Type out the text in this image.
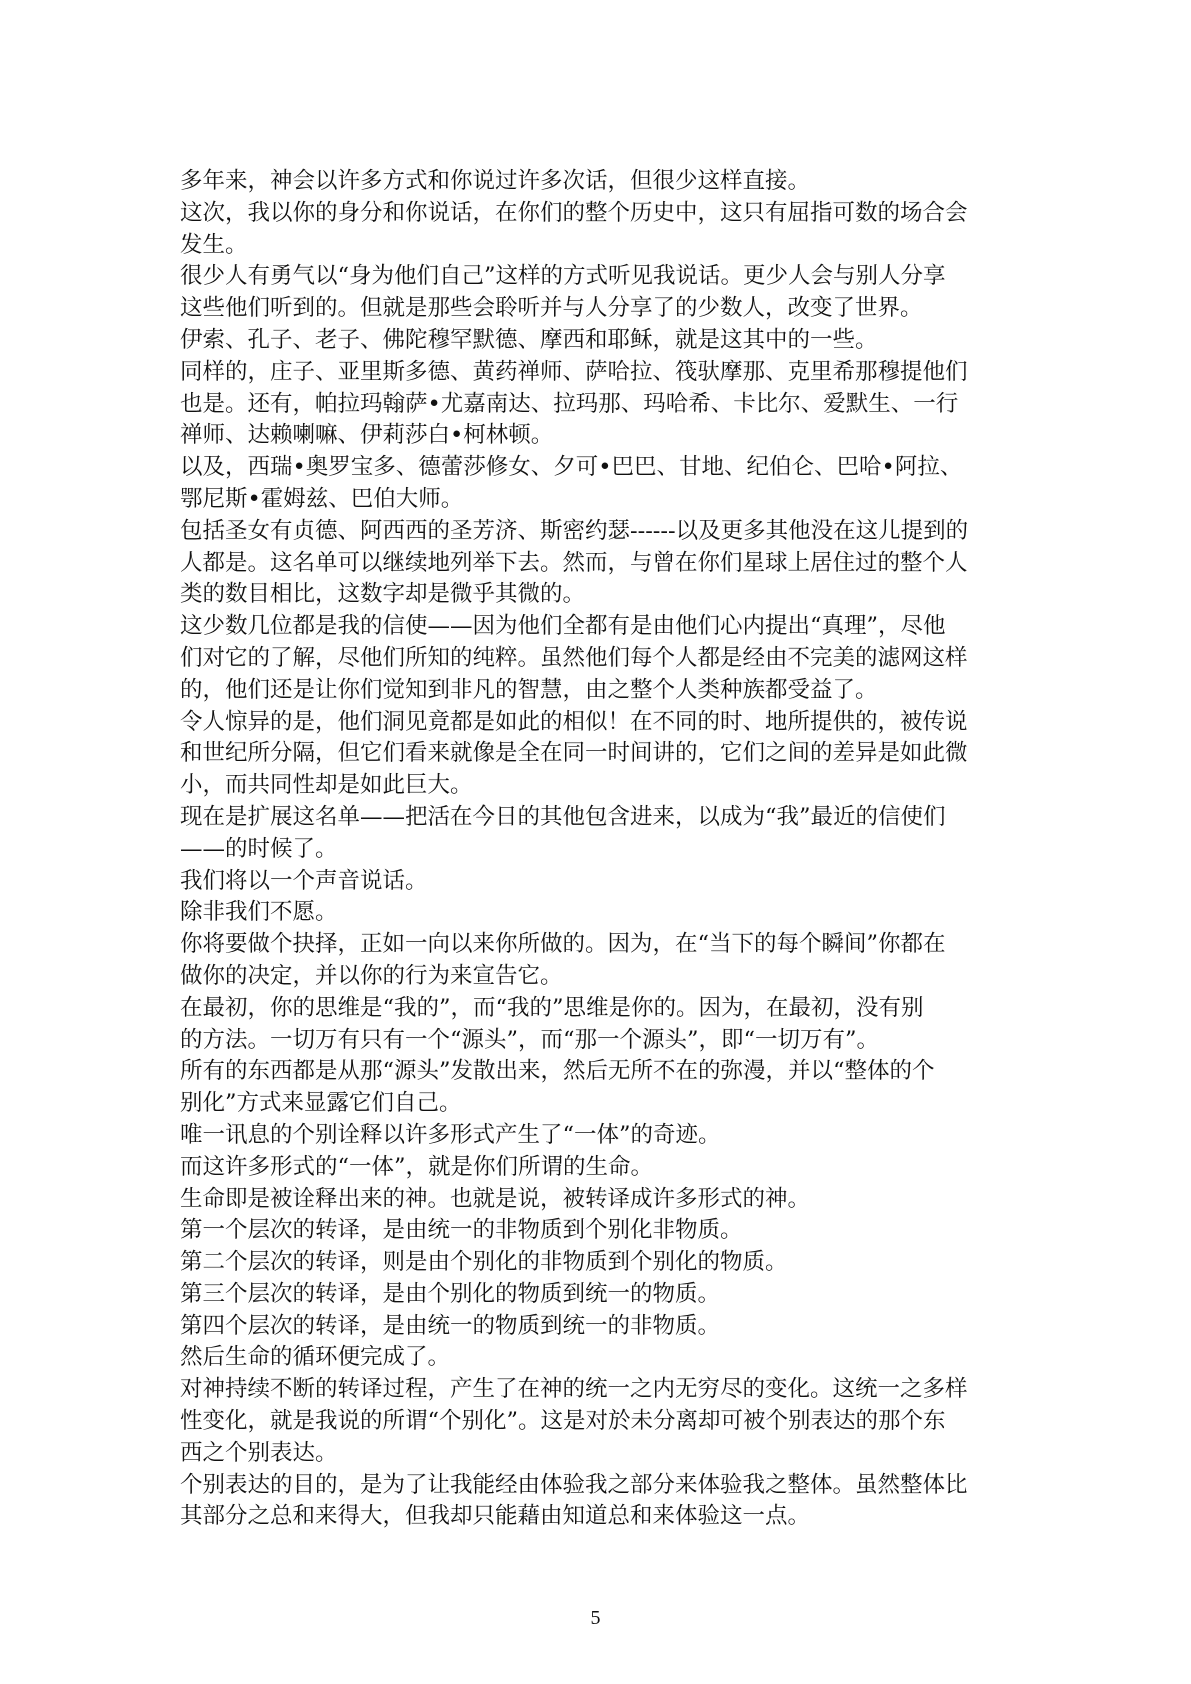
多年来，神会以许多方式和你说过许多次话，但很少这样直接。

这次，我以你的身分和你说话，在你们的整个历史中，这只有屈指可数的场合会
发生。

很少人有勇气以“身为他们自己”这样的方式听见我说话。更少人会与别人分享
这些他们听到的。但就是那些会聆听并与人分享了的少数人，改变了世界。

伊索、孔子、老子、佛陀穆罕默德、摩西和耶稣，就是这其中的一些。

同样的，庄子、亚里斯多德、黄药禅师、萨哈拉、筏驮摩那、克里希那穆提他们
也是。还有，帕拉玛翰萨•尤嘉南达、拉玛那、玛哈希、卡比尔、爱默生、一行
禅师、达赖喇嘛、伊莉莎白•柯林顿。

以及，西瑞•奥罗宝多、德蕾莎修女、夕可•巴巴、甘地、纪伯仑、巴哈•阿拉、
鄂尼斯•霍姆兹、巴伯大师。

包括圣女有贞德、阿西西的圣芳济、斯密约瑟------以及更多其他没在这儿提到的
人都是。这名单可以继续地列举下去。然而，与曾在你们星球上居住过的整个人
类的数目相比，这数字却是微乎其微的。

这少数几位都是我的信使——因为他们全都有是由他们心内提出“真理”，尽他
们对它的了解，尽他们所知的纯粹。虽然他们每个人都是经由不完美的滤网这样
的，他们还是让你们觉知到非凡的智慧，由之整个人类种族都受益了。

令人惊异的是，他们洞见竟都是如此的相似！在不同的时、地所提供的，被传说
和世纪所分隔，但它们看来就像是全在同一时间讲的，它们之间的差异是如此微
小，而共同性却是如此巨大。

现在是扩展这名单——把活在今日的其他包含进来，以成为“我”最近的信使们
——的时候了。

我们将以一个声音说话。

除非我们不愿。

你将要做个抉择，正如一向以来你所做的。因为，在“当下的每个瞬间”你都在
做你的决定，并以你的行为来宣告它。

在最初，你的思维是“我的”，而“我的”思维是你的。因为，在最初，没有别
的方法。一切万有只有一个“源头”，而“那一个源头”，即“一切万有”。

所有的东西都是从那“源头”发散出来，然后无所不在的弥漫，并以“整体的个
别化”方式来显露它们自己。

唯一讯息的个别诠释以许多形式产生了“一体”的奇迹。

而这许多形式的“一体”，就是你们所谓的生命。

生命即是被诠释出来的神。也就是说，被转译成许多形式的神。

第一个层次的转译，是由统一的非物质到个别化非物质。

第二个层次的转译，则是由个别化的非物质到个别化的物质。

第三个层次的转译，是由个别化的物质到统一的物质。

第四个层次的转译，是由统一的物质到统一的非物质。

然后生命的循环便完成了。

对神持续不断的转译过程，产生了在神的统一之内无穷尽的变化。这统一之多样
性变化，就是我说的所谓“个别化”。这是对於未分离却可被个别表达的那个东
西之个别表达。

个别表达的目的，是为了让我能经由体验我之部分来体验我之整体。虽然整体比
其部分之总和来得大，但我却只能藉由知道总和来体验这一点。

5
